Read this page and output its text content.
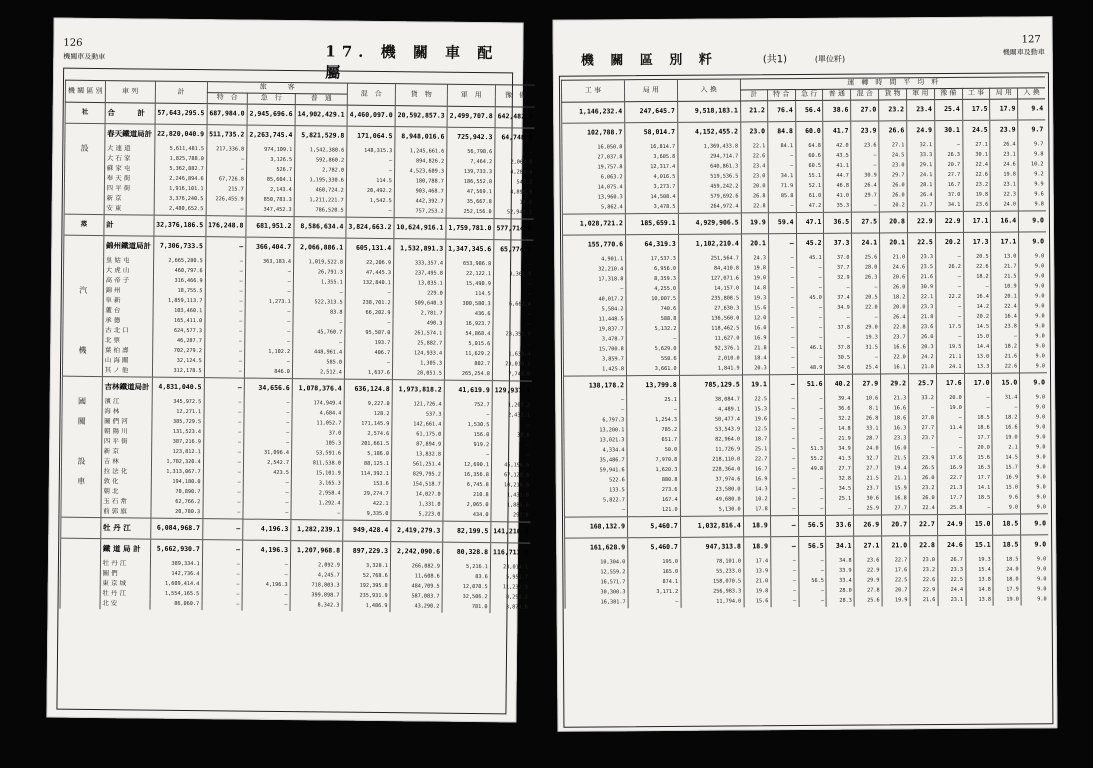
126
機關車及動車	17. 機 關 車 配 屬
機 關 區 別	車 列	計	旅　　　客			混　合	貨　物	軍　用	豫　備
			特　合	急　行	普　通				
社	合　　　計	57,643,295.5	687,984.0	2,945,696.6	14,902,429.1	4,460,097.0	20,592,857.3	2,499,707.8	642,482.5
	春天鐵道局計	22,820,040.9	511,735.2	2,263,745.4	5,821,529.8	171,064.5	8,948,016.6	725,942.3	64,748.5
設	大 連 道	5,611,481.5	217,336.8	974,109.1	1,542,380.6	148,315.3	1,245,661.6	56,798.6	—
	大 石 家	1,825,788.0	—	3,126.5	592,860.2	—	894,826.2	7,464.2	2,063.0
	蘇 家 屯	5,362,882.7	—	526.7	2,782.0	—	4,523,609.3	139,733.3	4,284.4
	奉 天 街	2,246,894.6	67,726.8	85,604.1	1,195,330.6	114.5	180,788.7	186,552.8	549.2
	四 平 街	1,916,101.1	215.7	2,143.4	460,724.2	20,492.2	903,468.7	47,569.1	4,895.0
	新 京	3,376,240.5	226,455.9	850,783.3	1,211,221.7	1,542.5	442,392.7	35,667.8	14.8
	安 東	2,480,652.5	—	347,452.3	786,520.5	—	757,253.2	252,156.0	52,941.2
蒸	計	32,376,186.5	176,248.8	681,951.2	8,586,634.4	3,824,663.2	10,624,916.1	1,759,781.0	577,714.0
	錦州鐵道局計	7,306,733.5	—	366,404.7	2,066,886.1	605,131.4	1,532,891.3	1,347,345.6	65,774.1
	皇 姑 屯	2,665,280.5	—	363,183.4	1,019,522.8	22,206.9	333,357.4	653,986.8	—
	大 虎 山	460,797.6	—	—	26,791.3	47,445.3	237,495.8	22,122.1	3,361.9
	高 帝 子	316,466.9	—	—	1,355.1	132,840.1	13,035.1	15,490.9	—
汽	錦 州	18,755.5	—	—	—	—	229.0	114.5	—
	阜 新	1,859,113.7	—	1,273.1	522,313.5	238,701.2	509,640.3	300,580.3	6,662.4
	蘆 台	103,460.1	—	—	83.8	66,202.9	2,781.7	436.6	—
	承 德	165,411.0	—	—	—	—	490.3	16,923.7	—
	古 北 口	624,577.3	—	—	45,760.7	95,507.0	261,574.1	54,868.4	23,351.7
	北 票	46,287.7	—	—	—	193.7	25,882.7	5,015.6	—
機	葉 柏 壽	702,279.2	—	1,102.2	448,961.4	406.7	124,933.4	11,629.2	1,639.4
	山 海 關	32,124.5	—	—	585.0	—	1,305.3	802.7	23,010.2
	其 ノ 他	312,178.5	—	846.0	2,512.4	1,637.6	28,051.5	265,254.8	7,748.0
	吉林鐵道局計	4,831,040.5	—	34,656.6	1,078,376.4	636,124.8	1,973,818.2	41,619.9	129,937.1
國	濱 江	345,972.5	—	—	174,949.4	9,227.0	121,726.4	752.7	1,207.2
	海 林	12,271.1	—	—	4,684.4	128.2	537.3	—	2,432.1
關	圖 們 河	385,729.5	—	—	11,052.7	171,145.9	142,661.4	1,530.5	—
	朝 陽 川	131,523.4	—	—	37.0	2,574.6	61,175.0	156.0	38.6
	四 平 街	387,216.9	—	—	105.3	201,661.5	87,894.9	919.2	—
	新 京	123,812.1	—	31,096.4	53,591.6	5,186.0	13,832.8	—	—
設	吉 林	1,782,320.4	—	2,542.7	811,538.0	88,125.1	561,251.4	12,690.1	45,196.6
	拉 法 化	1,313,067.7	—	423.5	15,101.9	114,392.1	829,795.2	16,356.8	67,128.6
車	敦 化	194,180.0	—	—	3,165.3	153.6	154,518.7	6,745.8	10,216.6
	朝 北	70,890.7	—	—	2,958.4	29,274.7	14,027.0	210.8	1,432.8
	玉 石 常	62,766.2	—	—	1,292.4	422.1	1,331.0	2,065.0	1,885.6
	前 郭 旗	20,780.3	—	—	—	9,335.0	5,223.0	434.0	297.0
	牡 丹 江	6,084,968.7	—	4,196.3	1,282,239.1	949,428.4	2,419,279.3	82,199.5	141,216.1
	鐵 道 局 計	5,662,930.7	—	4,196.3	1,207,968.8	897,229.3	2,242,090.6	80,328.8	116,713.5
	牡 丹 江	389,334.1	—	—	2,092.9	3,328.1	266,082.9	5,216.1	23,014.1
	圖 們	142,736.4	—	—	4,245.7	52,768.6	11,608.6	83.6	5,951.7
	東 京 城	1,609,414.4	—	4,196.3	718,803.3	192,395.8	484,709.5	12,070.5	11,232.3
	牡 丹 江	1,554,165.5	—	—	399,898.7	235,931.9	587,083.7	32,506.2	8,290.2
	北 安	86,060.7	—	—	8,342.3	1,486.9	43,290.2	781.0	3,874.6
127
機關車及動車
機 關 區 別 粁	(共1)	(單位粁)
工 事	局 用	入 換	運　轉　時　間　平　均　粁										
			計	特 合	急 行	普 通	混 合	貨 物	軍 用	豫 備	工 事	局 用	入 換
1,146,232.4	247,645.7	9,518,183.1	21.2	76.4	56.4	38.6	27.0	23.2	23.4	25.4	17.5	17.9	9.4
102,788.7	58,014.7	4,152,455.2	23.0	84.8	60.0	41.7	23.9	26.6	24.9	30.1	24.5	23.9	9.7
16,050.8	16,814.7	1,369,433.8	22.1	84.1	64.8	42.0	23.6	27.1	32.1	—	27.1	26.4	9.7
27,037.8	3,605.8	294,714.7	22.6	—	60.6	43.5	—	24.5	33.3	26.3	30.1	23.1	9.8
19,757.8	12,317.4	640,861.3	23.4	—	60.5	41.1	—	23.0	29.1	20.7	22.4	24.6	10.2
6,063.2	4,016.5	519,536.5	23.0	34.1	55.1	44.7	30.9	29.7	24.1	27.7	22.6	19.8	9.2
14,075.4	3,273.7	459,242.2	20.0	71.9	52.1	46.8	26.4	26.0	28.1	16.7	23.2	23.1	9.9
13,960.3	14,508.4	579,692.6	26.8	85.8	61.0	41.0	29.7	26.0	26.4	37.0	19.8	22.3	9.6
5,862.4	3,478.5	264,972.4	22.8	—	47.2	35.3	—	20.2	21.7	34.1	23.6	24.0	9.8
1,028,721.2	185,659.1	4,929,906.5	19.9	59.4	47.1	36.5	27.5	20.8	22.9	22.9	17.1	16.4	9.0
155,770.6	64,319.3	1,102,210.4	20.1	—	45.2	37.3	24.1	20.1	22.5	20.2	17.3	17.1	9.0
4,901.1	17,537.3	251,564.7	24.3	—	45.1	37.0	25.6	21.0	23.3	—	20.5	13.0	9.0
32,210.4	6,956.0	84,410.8	19.8	—	—	37.7	28.0	24.6	23.5	26.2	22.6	21.7	9.0
17,318.8	8,359.3	127,071.6	19.0	—	—	32.9	26.3	20.6	21.6	—	18.2	21.5	9.0
—	4,255.0	14,157.0	14.8	—	—	—	—	26.0	30.9	—	—	10.9	9.0
40,017.2	10,007.5	235,808.5	19.3	—	45.0	37.4	20.5	18.2	22.1	22.2	16.4	20.1	9.0
5,584.2	740.6	27,630.3	15.6	—	—	34.9	22.0	20.0	23.3	—	14.2	22.4	9.0
11,448.5	588.8	136,560.0	12.0	—	—	—	—	26.4	21.8	—	20.2	16.4	9.0
19,837.7	5,132.2	118,462.5	16.0	—	—	37.8	29.0	22.8	23.6	17.5	14.5	23.8	9.0
3,478.7	—	11,627.0	16.9	—	—	—	19.3	23.7	26.0	—	15.0	—	9.0
15,700.8	5,629.0	92,376.1	21.8	—	46.1	37.8	31.5	16.6	20.3	19.5	14.4	18.2	9.0
3,859.7	550.6	2,010.0	18.4	—	—	30.5	—	22.0	24.2	21.1	13.0	21.6	9.0
1,425.8	3,661.0	1,841.9	20.3	—	48.9	34.6	25.4	16.1	21.0	24.1	13.3	22.6	9.0
138,178.2	13,799.8	785,129.5	19.1	—	51.6	40.2	27.9	29.2	25.7	17.6	17.0	15.0	9.0
—	25.1	38,084.7	22.5	—	—	39.4	10.6	21.3	33.2	20.0	—	31.4	9.0
—	—	4,489.1	15.3	—	—	36.6	8.1	16.6	—	19.0	—	—	9.0
6,797.3	1,254.3	50,477.4	19.6	—	—	32.2	26.8	18.6	27.8	—	18.5	18.2	9.0
13,200.1	785.2	53,543.9	12.5	—	—	14.8	33.1	16.3	27.7	11.4	18.6	16.6	9.0
13,021.3	651.7	82,964.0	18.7	—	—	21.9	28.7	23.3	23.7	—	17.7	19.0	9.0
4,334.4	50.0	11,726.9	25.1	—	51.3	34.9	24.0	16.0	—	—	20.0	2.1	9.0
35,486.7	7,970.8	218,110.0	22.7	—	55.2	41.3	32.7	21.5	23.9	17.6	15.6	14.5	9.0
59,941.6	1,620.3	228,364.0	16.7	—	49.8	27.7	27.7	19.4	26.5	16.9	16.3	15.7	9.0
522.6	880.8	37,974.6	16.9	—	—	32.8	21.5	21.1	26.0	22.7	17.7	16.9	9.0
133.5	273.6	23,580.0	14.3	—	—	34.5	23.7	15.9	23.2	21.3	14.1	15.0	9.0
5,822.7	167.4	49,680.0	10.2	—	—	25.1	30.6	16.8	26.0	17.7	18.5	9.6	9.0
—	121.0	5,130.0	17.8	—	—	—	25.9	27.7	22.4	25.8	—	9.0	9.0
168,132.9	5,460.7	1,032,816.4	18.9	—	56.5	33.6	26.9	20.7	22.7	24.9	15.0	18.5	9.0
161,628.9	5,460.7	947,313.8	18.9	—	56.5	34.1	27.1	21.0	22.8	24.6	15.1	18.5	9.0
10,304.0	195.0	78,101.0	17.4	—	—	34.8	23.6	22.7	23.0	26.7	19.3	18.5	9.0
12,559.2	165.0	55,233.0	13.9	—	—	33.9	22.9	17.6	23.2	23.3	15.4	24.0	9.0
16,571.7	874.1	158,070.5	21.0	—	56.5	33.4	29.9	22.5	22.6	22.5	13.8	18.0	9.0
30,300.3	3,171.2	256,983.3	19.8	—	—	28.0	27.8	20.7	22.9	24.4	14.8	17.9	9.0
16,381.7	—	11,794.0	15.6	—	—	28.3	25.6	19.9	21.6	23.1	13.8	19.0	9.0
